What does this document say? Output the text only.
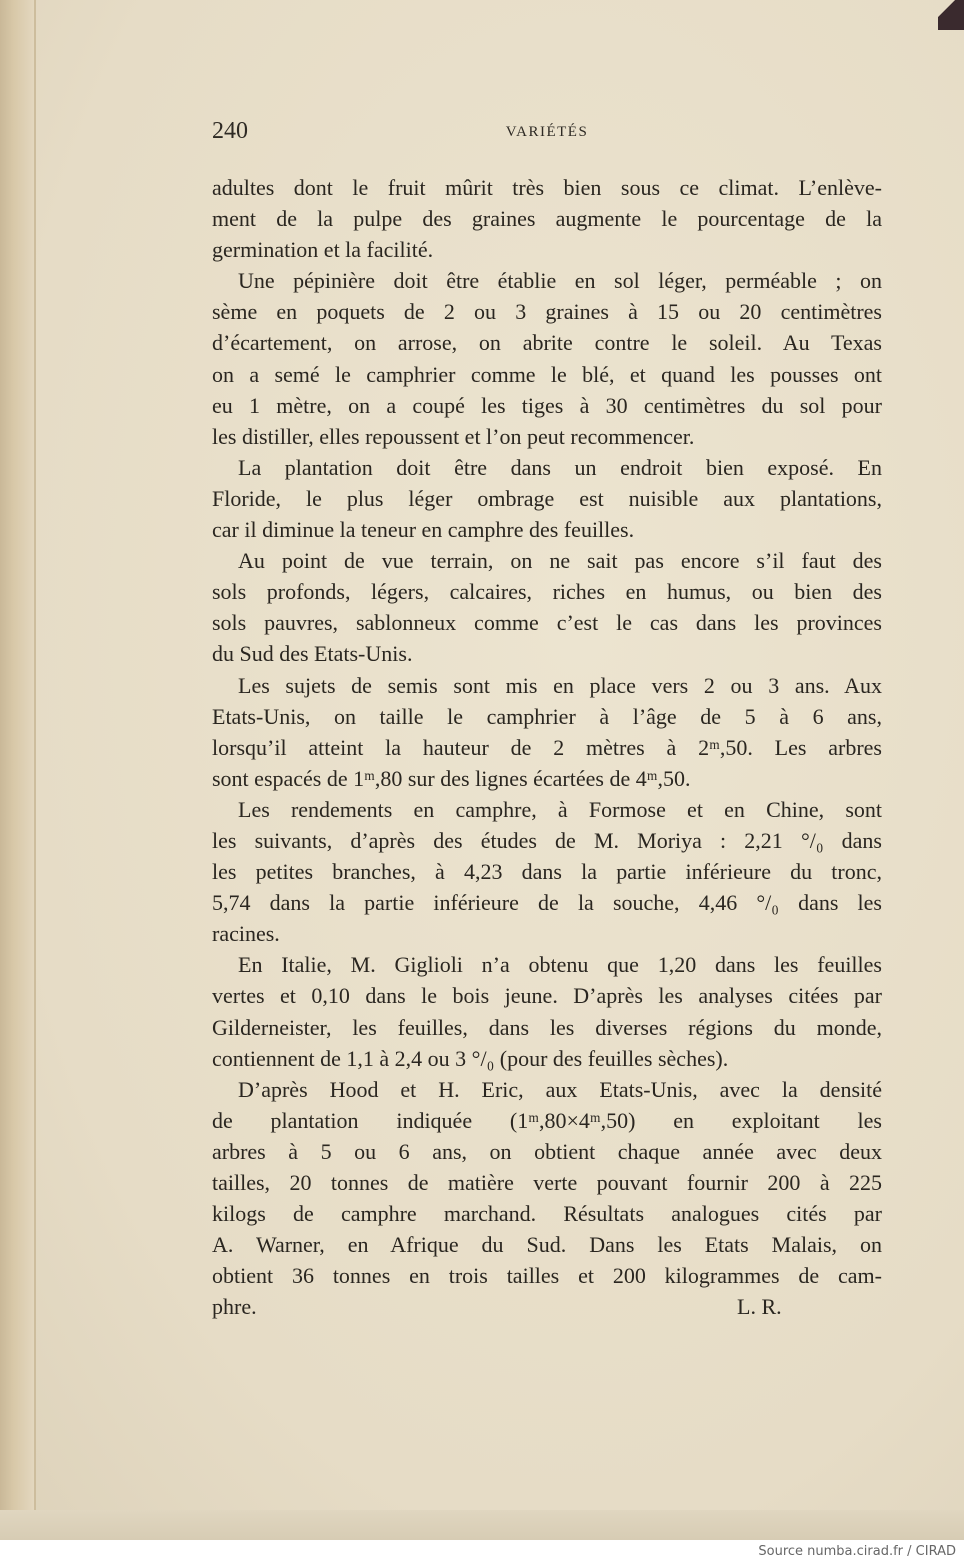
240	VARIÉTÉS
adultes dont le fruit mûrit très bien sous ce climat. L’enlève-
ment de la pulpe des graines augmente le pourcentage de la
germination et la facilité.
Une pépinière doit être établie en sol léger, perméable ; on
sème en poquets de 2 ou 3 graines à 15 ou 20 centimètres
d’écartement, on arrose, on abrite contre le soleil. Au Texas
on a semé le camphrier comme le blé, et quand les pousses ont
eu 1 mètre, on a coupé les tiges à 30 centimètres du sol pour
les distiller, elles repoussent et l’on peut recommencer.
La plantation doit être dans un endroit bien exposé. En
Floride, le plus léger ombrage est nuisible aux plantations,
car il diminue la teneur en camphre des feuilles.
Au point de vue terrain, on ne sait pas encore s’il faut des
sols profonds, légers, calcaires, riches en humus, ou bien des
sols pauvres, sablonneux comme c’est le cas dans les provinces
du Sud des Etats-Unis.
Les sujets de semis sont mis en place vers 2 ou 3 ans. Aux
Etats-Unis, on taille le camphrier à l’âge de 5 à 6 ans,
lorsqu’il atteint la hauteur de 2 mètres à 2ᵐ,50. Les arbres
sont espacés de 1ᵐ,80 sur des lignes écartées de 4ᵐ,50.
Les rendements en camphre, à Formose et en Chine, sont
les suivants, d’après des études de M. Moriya : 2,21 °/₀ dans
les petites branches, à 4,23 dans la partie inférieure du tronc,
5,74 dans la partie inférieure de la souche, 4,46 °/₀ dans les
racines.
En Italie, M. Giglioli n’a obtenu que 1,20 dans les feuilles
vertes et 0,10 dans le bois jeune. D’après les analyses citées par
Gilderneister, les feuilles, dans les diverses régions du monde,
contiennent de 1,1 à 2,4 ou 3 °/₀ (pour des feuilles sèches).
D’après Hood et H. Eric, aux Etats-Unis, avec la densité
de plantation indiquée (1ᵐ,80×4ᵐ,50) en exploitant les
arbres à 5 ou 6 ans, on obtient chaque année avec deux
tailles, 20 tonnes de matière verte pouvant fournir 200 à 225
kilogs de camphre marchand. Résultats analogues cités par
A. Warner, en Afrique du Sud. Dans les Etats Malais, on
obtient 36 tonnes en trois tailles et 200 kilogrammes de cam-
phre.	L. R.
Source numba.cirad.fr / CIRAD
